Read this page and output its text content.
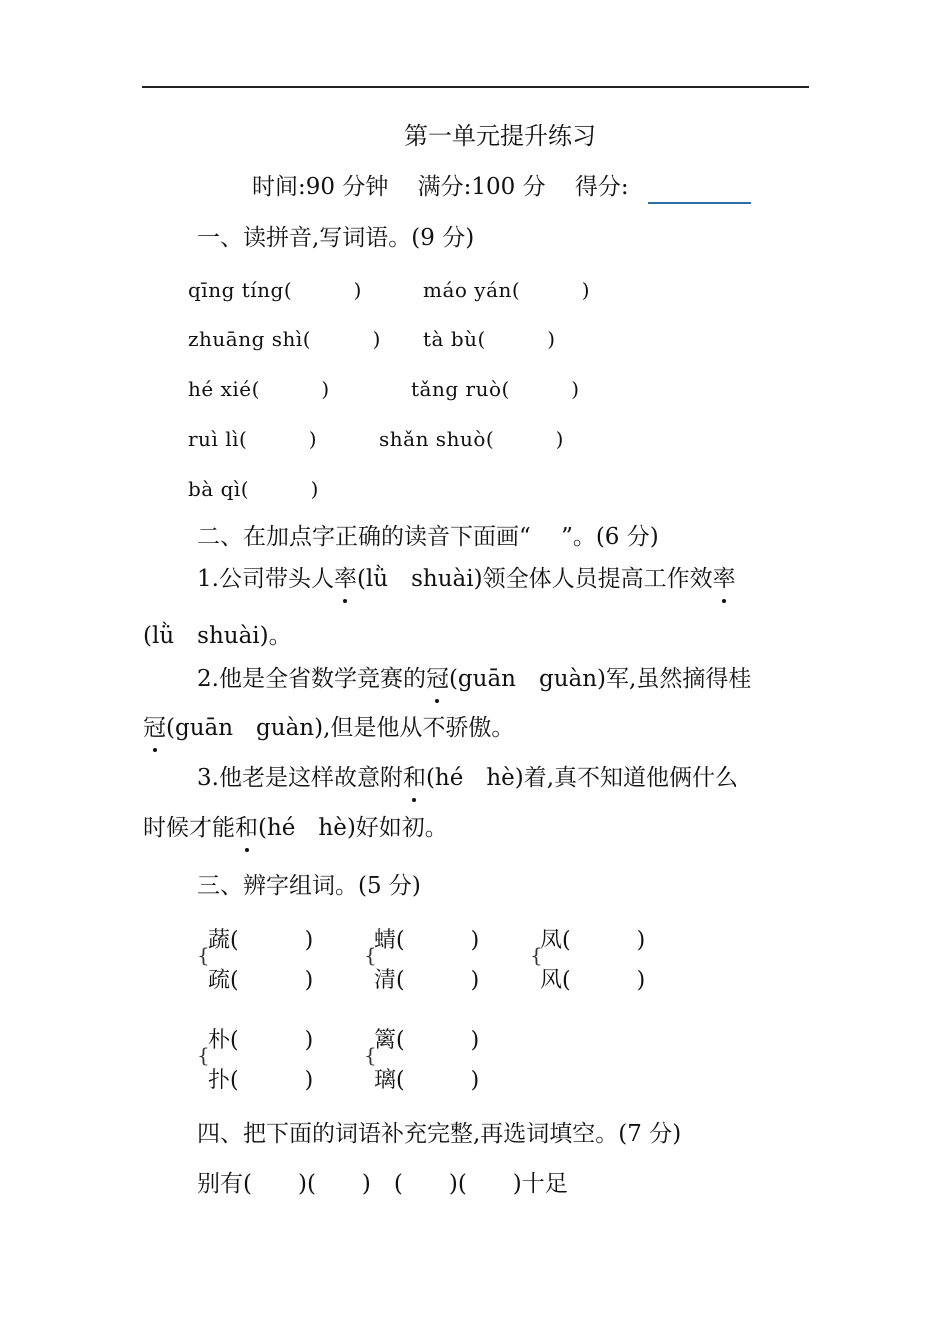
第一单元提升练习
时间:90 分钟 满分:100 分 得分:
一、读拼音,写词语。(9 分)
qīng tíng(　　　)	máo yán(　　　)
zhuāng shì(　　　) tà bù(　　　)
hé xié(　　　)	tǎng ruò(　　　)
ruì lì(　　　)	shǎn shuò(　　　)
bà qì(　　　)
二、在加点字正确的读音下面画“　 ”。(6 分)
1.公司带头人率(lǜ　shuài)领全体人员提高工作效率
(lǜ　shuài)。
2.他是全省数学竞赛的冠(guān　guàn)军,虽然摘得桂
冠(guān　guàn),但是他从不骄傲。
3.他老是这样故意附和(hé　hè)着,真不知道他俩什么
时候才能和(hé　hè)好如初。
三、辨字组词。(5 分)
{
蔬(　　　)
疏(　　　)
{
蜻(　　　)
清(　　　)
{
凤(　　　)
风(　　　)
{
朴(　　　)
扑(　　　)
{
篱(　　　)
璃(　　　)
四、把下面的词语补充完整,再选词填空。(7 分)
别有(　　)(　　)　(　　)(　　)十足
